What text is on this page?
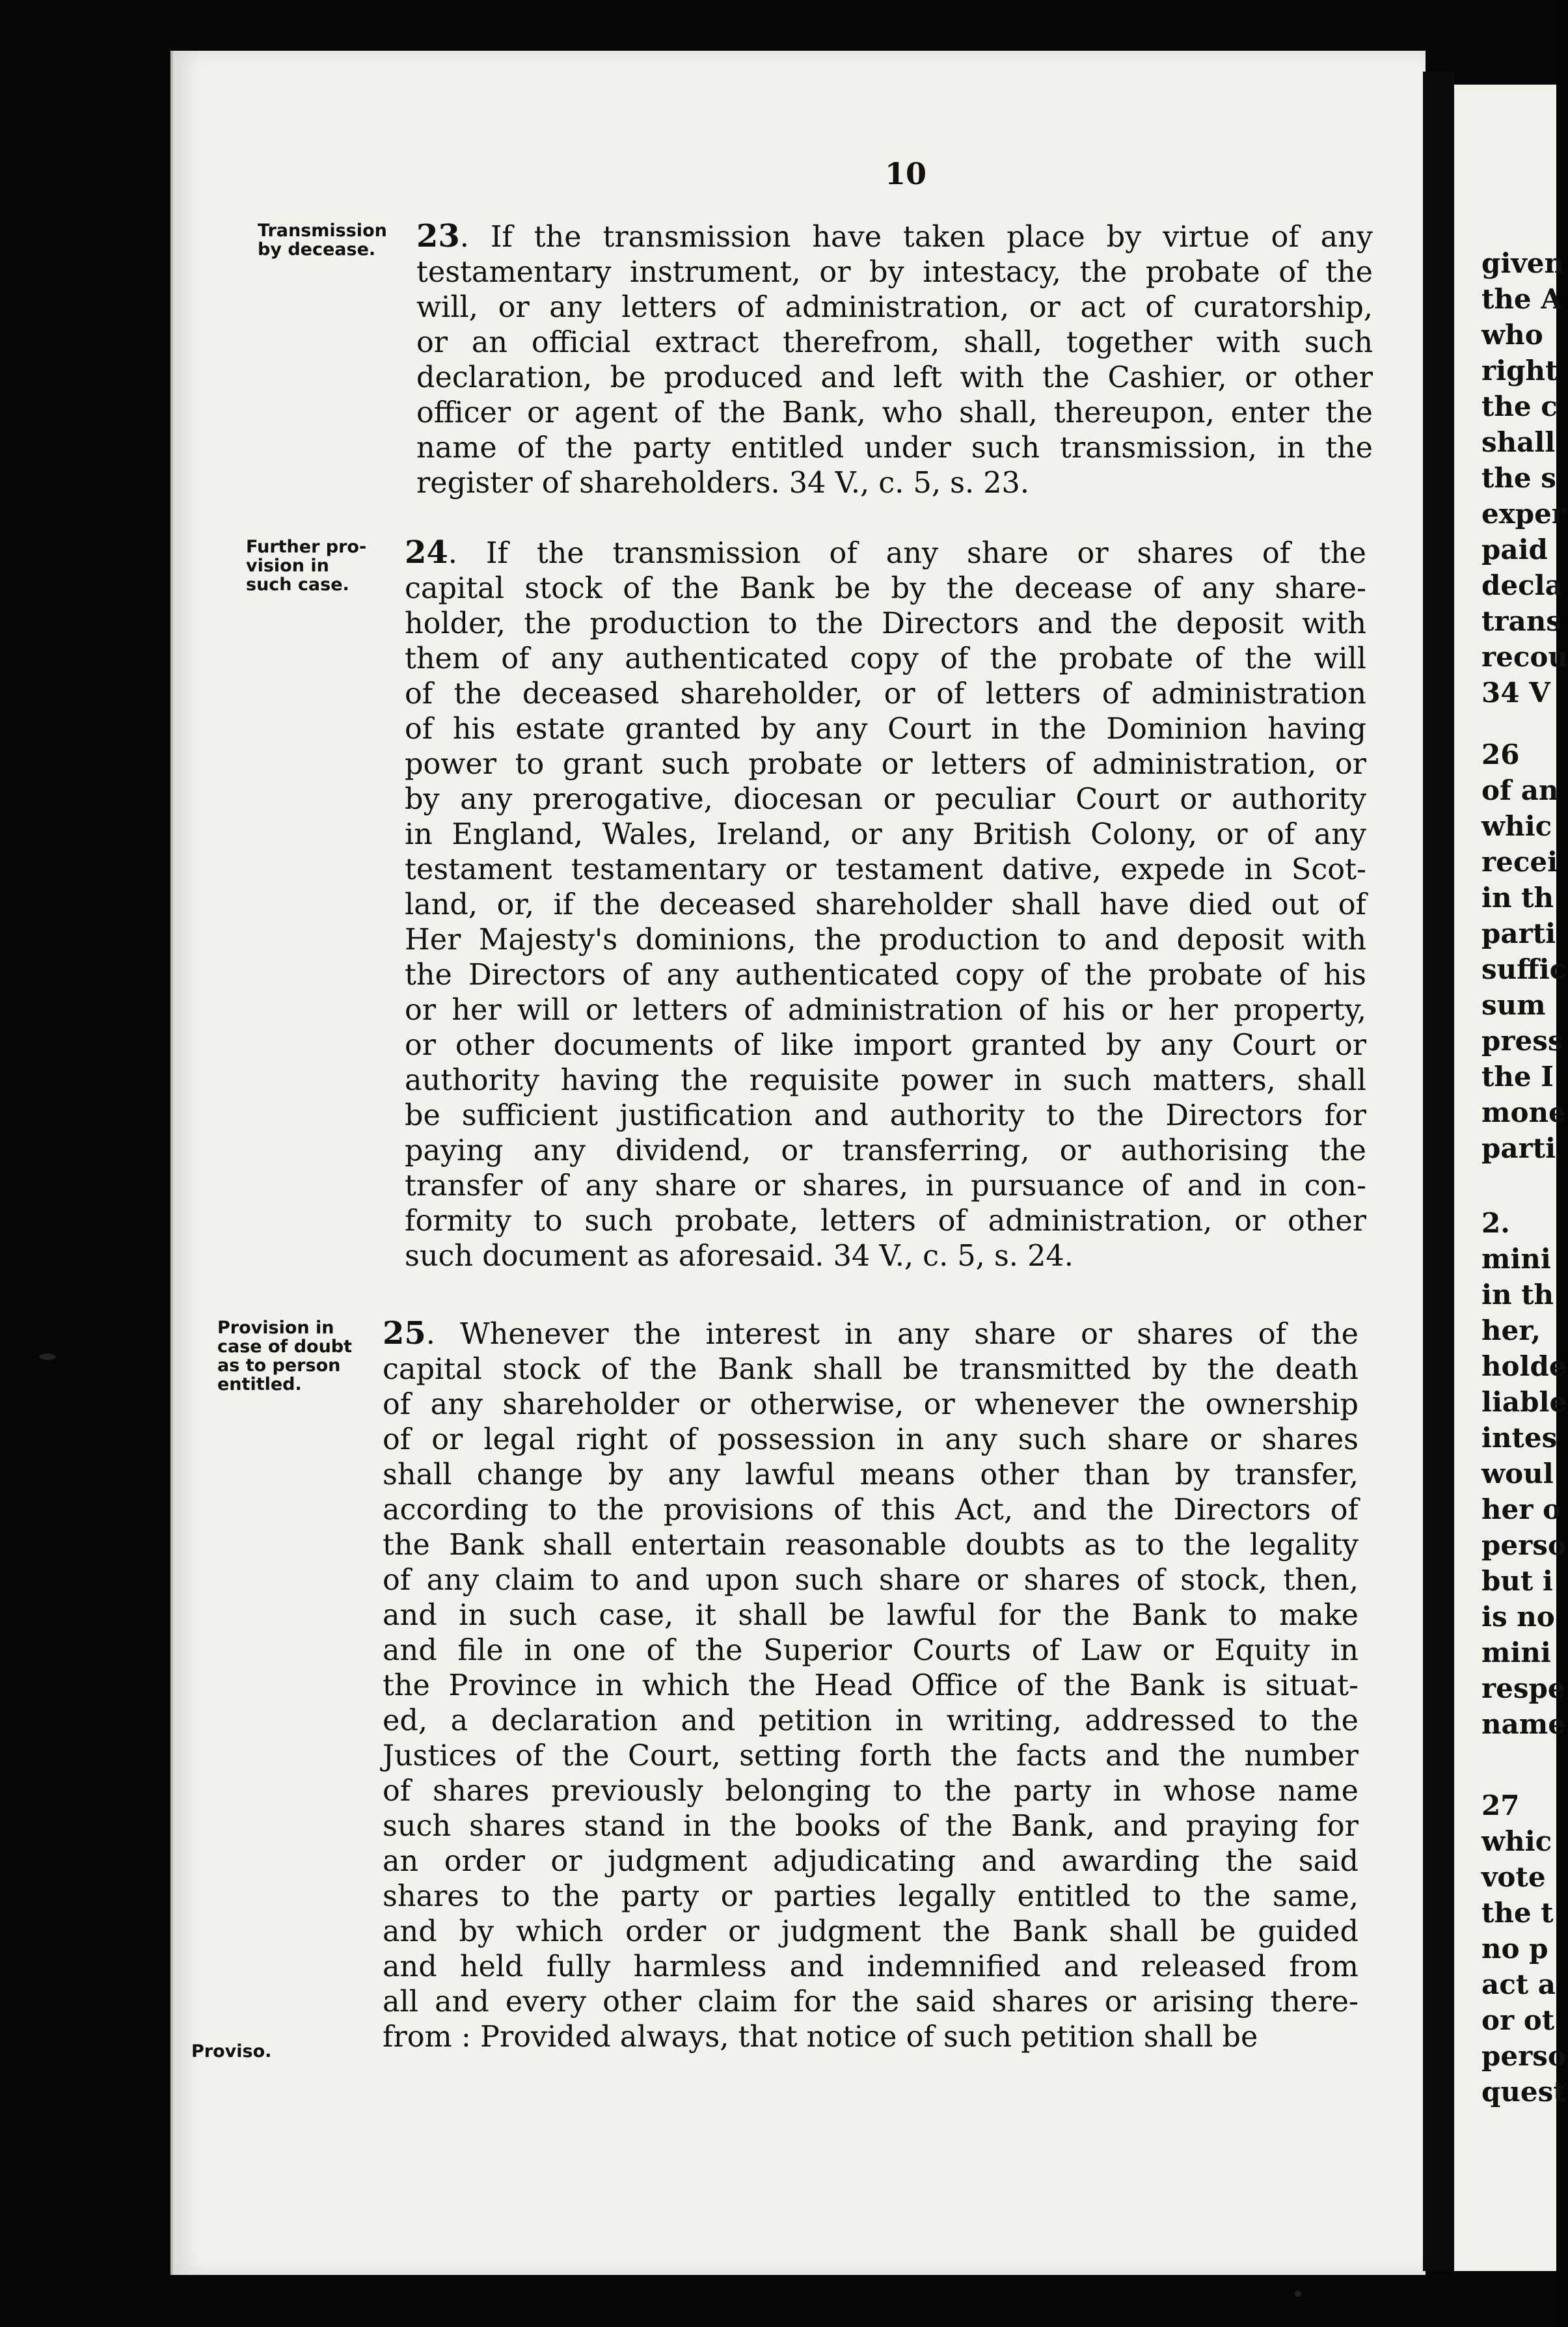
given
the A
who
right
the c
shall
the s
exper
paid
decla
trans
recou
34 V
26
of an
whic
recei
in th
parti
suffic
sum
press
the I
mone
parti
2.
mini
in th
her,
holde
liable
intes
woul
her o
perso
but i
is no
mini
respe
name
27
whic
vote
the t
no p
act a
or ot
perso
quest
10
Transmission
by decease.	23. If the transmission have taken place by virtue of any
testamentary instrument, or by intestacy, the probate of the
will, or any letters of administration, or act of curatorship,
or an official extract therefrom, shall, together with such
declaration, be produced and left with the Cashier, or other
officer or agent of the Bank, who shall, thereupon, enter the
name of the party entitled under such transmission, in the
register of shareholders. 34 V., c. 5, s. 23.
Further pro-
vision in
such case.
24. If the transmission of any share or shares of the
capital stock of the Bank be by the decease of any share-
holder, the production to the Directors and the deposit with
them of any authenticated copy of the probate of the will
of the deceased shareholder, or of letters of administration
of his estate granted by any Court in the Dominion having
power to grant such probate or letters of administration, or
by any prerogative, diocesan or peculiar Court or authority
in England, Wales, Ireland, or any British Colony, or of any
testament testamentary or testament dative, expede in Scot-
land, or, if the deceased shareholder shall have died out of
Her Majesty's dominions, the production to and deposit with
the Directors of any authenticated copy of the probate of his
or her will or letters of administration of his or her property,
or other documents of like import granted by any Court or
authority having the requisite power in such matters, shall
be sufficient justification and authority to the Directors for
paying any dividend, or transferring, or authorising the
transfer of any share or shares, in pursuance of and in con-
formity to such probate, letters of administration, or other
such document as aforesaid. 34 V., c. 5, s. 24.
Provision in
case of doubt
as to person
entitled.
Proviso.
25. Whenever the interest in any share or shares of the
capital stock of the Bank shall be transmitted by the death
of any shareholder or otherwise, or whenever the ownership
of or legal right of possession in any such share or shares
shall change by any lawful means other than by transfer,
according to the provisions of this Act, and the Directors of
the Bank shall entertain reasonable doubts as to the legality
of any claim to and upon such share or shares of stock, then,
and in such case, it shall be lawful for the Bank to make
and file in one of the Superior Courts of Law or Equity in
the Province in which the Head Office of the Bank is situat-
ed, a declaration and petition in writing, addressed to the
Justices of the Court, setting forth the facts and the number
of shares previously belonging to the party in whose name
such shares stand in the books of the Bank, and praying for
an order or judgment adjudicating and awarding the said
shares to the party or parties legally entitled to the same,
and by which order or judgment the Bank shall be guided
and held fully harmless and indemnified and released from
all and every other claim for the said shares or arising there-
from : Provided always, that notice of such petition shall be
